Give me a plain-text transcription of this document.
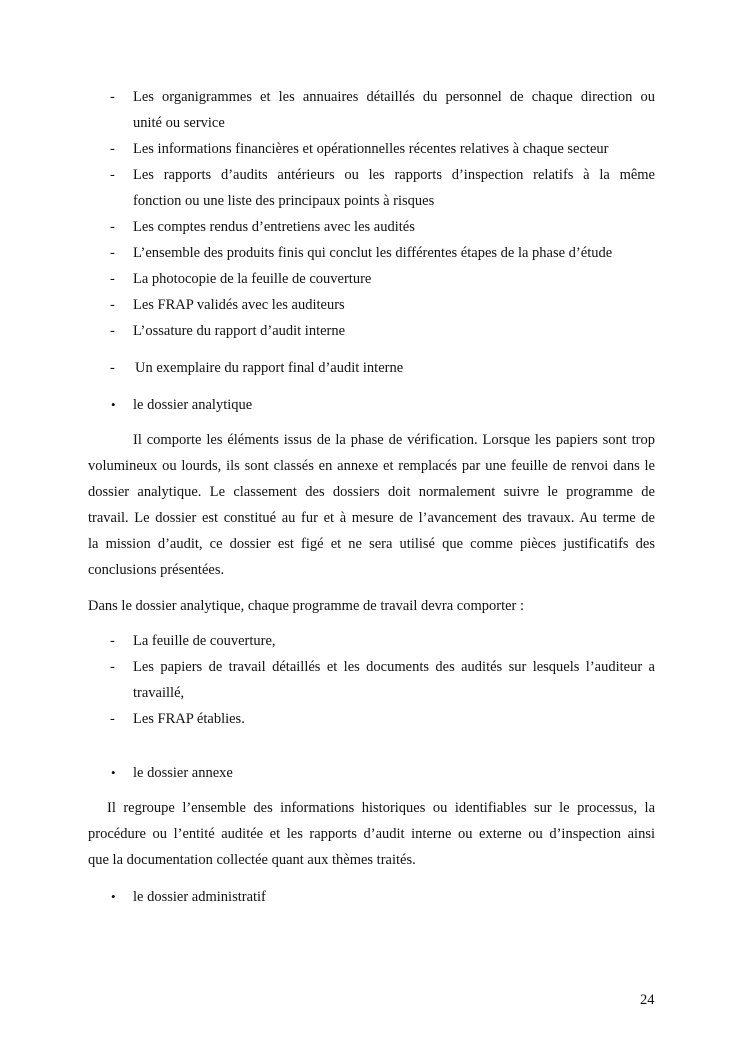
- Les organigrammes et les annuaires détaillés du personnel de chaque direction ou
unité ou service
- Les informations financières et opérationnelles récentes relatives à chaque secteur
- Les rapports d’audits antérieurs ou les rapports d’inspection relatifs à la même
fonction ou une liste des principaux points à risques
- Les comptes rendus d’entretiens avec les audités
- L’ensemble des produits finis qui conclut les différentes étapes de la phase d’étude
- La photocopie de la feuille de couverture
- Les FRAP validés avec les auditeurs
- L’ossature du rapport d’audit interne
- Un exemplaire du rapport final d’audit interne
• le dossier analytique
Il comporte les éléments issus de la phase de vérification. Lorsque les papiers sont trop
volumineux ou lourds, ils sont classés en annexe et remplacés par une feuille de renvoi dans le
dossier analytique. Le classement des dossiers doit normalement suivre le programme de
travail. Le dossier est constitué au fur et à mesure de l’avancement des travaux. Au terme de
la mission d’audit, ce dossier est figé et ne sera utilisé que comme pièces justificatifs des
conclusions présentées.
Dans le dossier analytique, chaque programme de travail devra comporter :
- La feuille de couverture,
- Les papiers de travail détaillés et les documents des audités sur lesquels l’auditeur a
travaillé,
- Les FRAP établies.
• le dossier annexe
Il regroupe l’ensemble des informations historiques ou identifiables sur le processus, la
procédure ou l’entité auditée et les rapports d’audit interne ou externe ou d’inspection ainsi
que la documentation collectée quant aux thèmes traités.
• le dossier administratif
24
